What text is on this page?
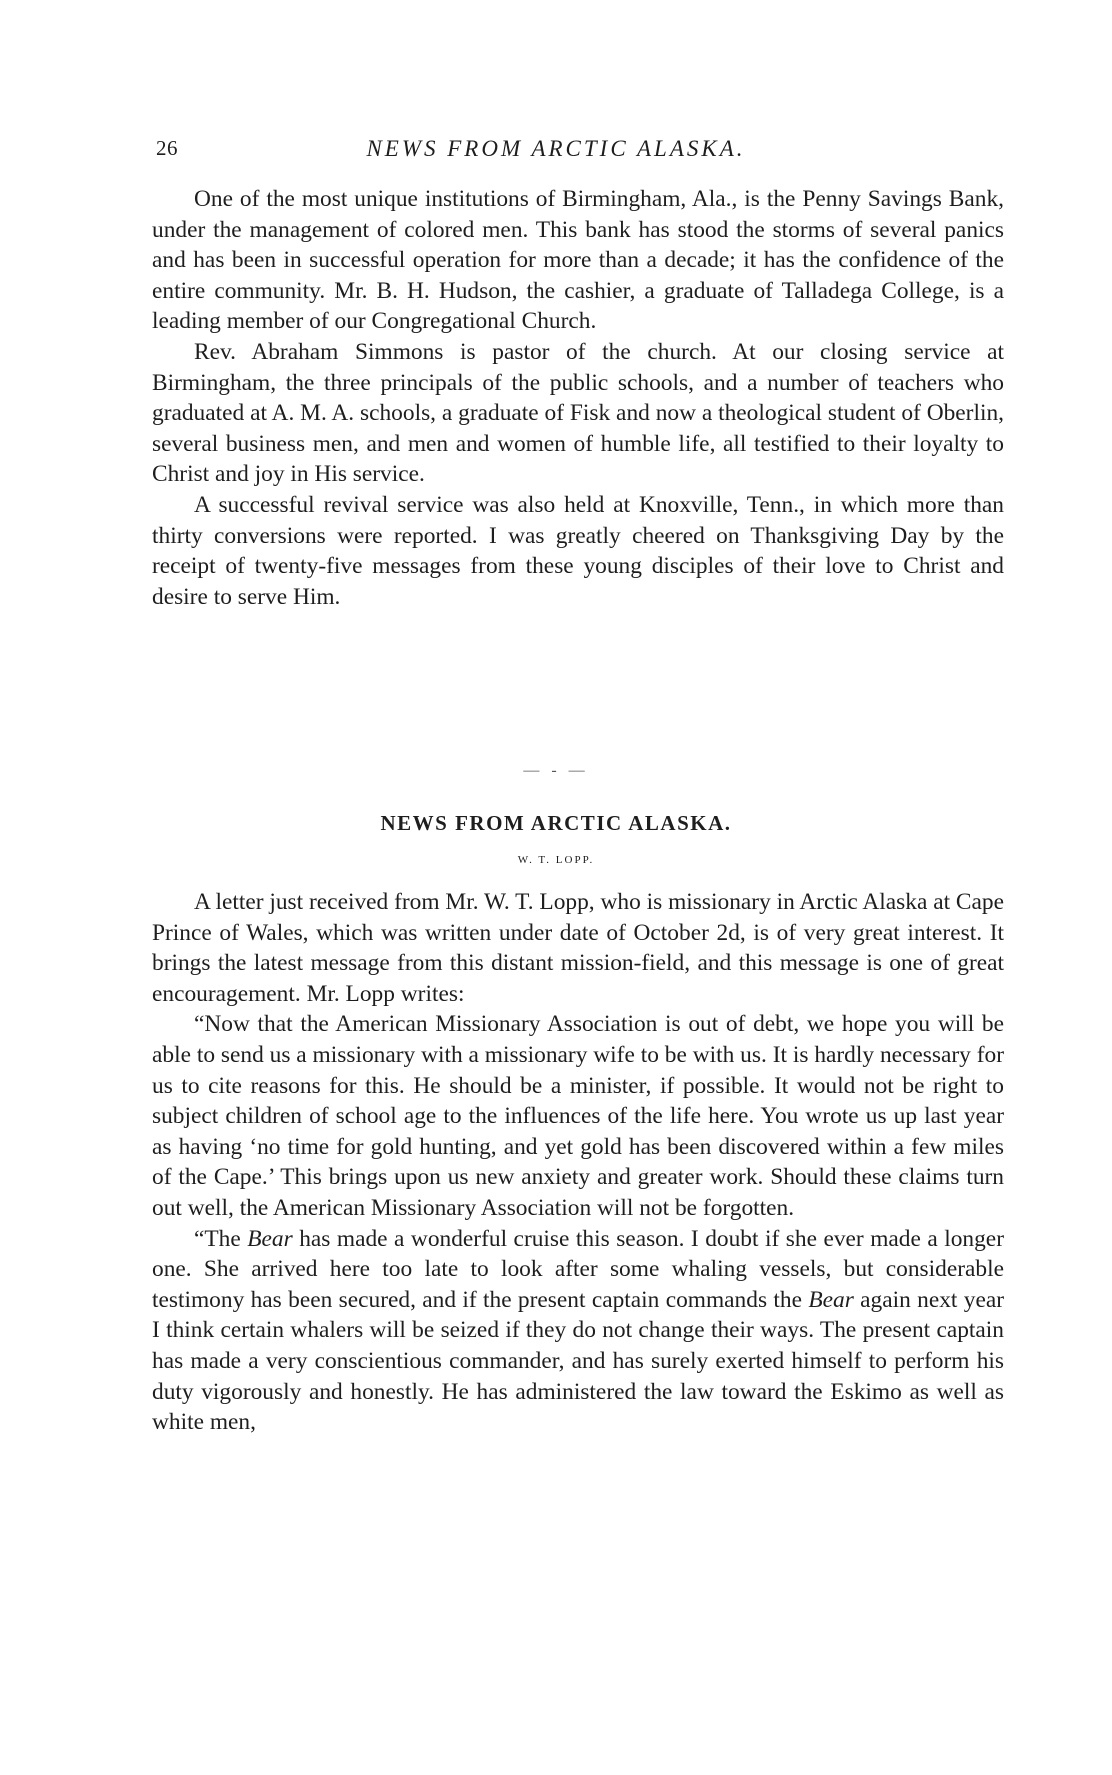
26	NEWS FROM ARCTIC ALASKA.

One of the most unique institutions of Birmingham, Ala., is the Penny Savings Bank, under the management of colored men. This bank has stood the storms of several panics and has been in successful operation for more than a decade; it has the confidence of the entire community. Mr. B. H. Hudson, the cashier, a graduate of Talladega College, is a leading member of our Congregational Church.

Rev. Abraham Simmons is pastor of the church. At our closing service at Birmingham, the three principals of the public schools, and a number of teachers who graduated at A. M. A. schools, a graduate of Fisk and now a theological student of Oberlin, several business men, and men and women of humble life, all testified to their loyalty to Christ and joy in His service.

A successful revival service was also held at Knoxville, Tenn., in which more than thirty conversions were reported. I was greatly cheered on Thanksgiving Day by the receipt of twenty-five messages from these young disciples of their love to Christ and desire to serve Him.

— - —
NEWS FROM ARCTIC ALASKA.
W. T. LOPP.

A letter just received from Mr. W. T. Lopp, who is missionary in Arctic Alaska at Cape Prince of Wales, which was written under date of October 2d, is of very great interest. It brings the latest message from this distant mission-field, and this message is one of great encouragement. Mr. Lopp writes:

“Now that the American Missionary Association is out of debt, we hope you will be able to send us a missionary with a missionary wife to be with us. It is hardly necessary for us to cite reasons for this. He should be a minister, if possible. It would not be right to subject children of school age to the influences of the life here. You wrote us up last year as having ‘no time for gold hunting, and yet gold has been discovered within a few miles of the Cape.’ This brings upon us new anxiety and greater work. Should these claims turn out well, the American Missionary Association will not be forgotten.

“The Bear has made a wonderful cruise this season. I doubt if she ever made a longer one. She arrived here too late to look after some whaling vessels, but considerable testimony has been secured, and if the present captain commands the Bear again next year I think certain whalers will be seized if they do not change their ways. The present captain has made a very conscientious commander, and has surely exerted himself to perform his duty vigorously and honestly. He has administered the law toward the Eskimo as well as white men,
